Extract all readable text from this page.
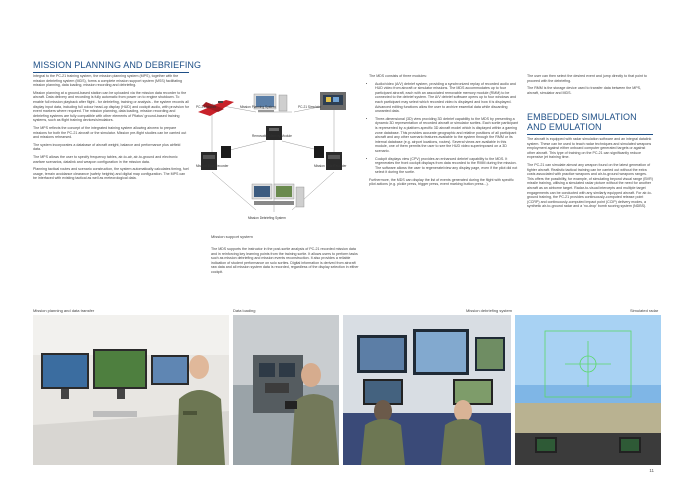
MISSION PLANNING AND DEBRIEFING

Integral to the PC-21 training system, the mission planning system (MPS), together with the mission debriefing system (MDS), forms a complete mission support system (MSS) facilitating mission planning, data loading, mission recording and debriefing.

Mission planning at a ground-based station can be uploaded via the mission data recorder to the aircraft. Data delivery and recording is fully automatic from power on to engine shutdown. To enable full mission playback after flight - for debriefing, training or analysis - the system records all display input data, including full colour head-up display (HUD) and cockpit audio, with provision for event markers where required. The mission planning, data loading, mission recording and debriefing systems are fully compatible with other elements of Pilatus' ground-based training systems, such as flight training devices/simulators.

The MPS reflects the concept of the integrated training system allowing aircrew to prepare missions for both the PC-21 aircraft or the simulator. Mission pre-flight studies can be carried out and missions rehearsed.

The system incorporates a database of aircraft weight, balance and performance plus airfield data.

The MPS allows the user to specify frequency tables, air-to-air, air-to-ground and electronic warfare scenarios, datalink and weapon configuration in the mission data.

Planning tactical routes and scenario construction, the system automatically calculates timing, fuel usage, terrain avoidance clearance (safety heights) and digital map configuration. The MPS can be interfaced with existing tactical as well as meteorological data.

PC-21 Aircraft	Mission Planning System	PC-21 Simulator
Removable Memory Module
Mission Data Recorder	Mission Data Recorder
Mission Debriefing System
Mission support system

The MDS supports the instructor in the post-sortie analysis of PC-21 recorded mission data and in reinforcing key learning points from the training sortie. It allows users to perform tasks such as mission debriefing and mission events reconstruction. It also provides a reliable indication of student performance on solo sorties. Digital information is derived from aircraft raw data and all mission system data is recorded, regardless of the display selection in either cockpit.

The MDS consists of three modules:

• Audio/video (A/V) debrief system, providing a synchronized replay of recorded audio and HUD video from aircraft or simulator missions. The MDS accommodates up to four participant aircraft, each with an associated removable memory module (RMM) to be connected to the debrief system. The A/V debrief software opens up to four windows and each participant may select which recorded video is displayed and how it is displayed. Advanced editing functions allow the user to archive essential data while discarding unwanted data.
• Three-dimensional (3D) view providing 3D debrief capability to the MDS by presenting a dynamic 3D representation of recorded aircraft or simulator sorties. Each sortie participant is represented by a platform-specific 3D aircraft model which is displayed within a gaming zone database. This provides accurate geographic and relative positions of all participant aircraft and any other scenario features available to the system through the RMM or its internal database (e.g. airport locations, routes). Several views are available in this module, one of them permits the user to see the HUD video superimposed on a 3D scenario.
• Cockpit displays view (CPV) provides an enhanced debrief capability to the MDS. It regenerates the front cockpit displays from data recorded to the RMM during the mission. The software allows the user to regenerate/view any display page, even if the pilot did not select it during the sortie.

Furthermore, the MDS can display the list of events generated during the flight with specific pilot actions (e.g. pickle press, trigger press, event marking button press...).

The user can then select the desired event and jump directly to that point to proceed with the debriefing.

The RMM is the storage device used to transfer data between the MPS, aircraft, simulator and MDS.

EMBEDDED SIMULATION AND EMULATION

The aircraft is equipped with radar simulation software and an integral datalink system. These can be used to teach radar techniques and simulated weapons employment against either onboard computer generated targets or against other aircraft. This type of training on the PC-21 can significantly reduce expensive jet training time.

The PC-21 can simulate almost any weapon found on the latest generation of fighter aircraft. Realistic tactical training can be carried out without the extra costs associated with practice weapons and air-to-ground weapons ranges. This offers the possibility, for example, of simulating beyond visual range (BVR) missile training, utilising a simulated radar picture without the need for another aircraft as an airborne target. Radar-to-visual intercepts and multiple target engagements can be conducted with any similarly equipped aircraft. For air-to-ground training, the PC-21 provides continuously-computed release point (CCRP) and continuously-computed impact point (CCIP) delivery modes, a synthetic air-to-ground radar and a 'no-drop' bomb scoring system (NDBS).

Mission planning and data transfer	Data loading	Mission debriefing system	Simulated radar
11
